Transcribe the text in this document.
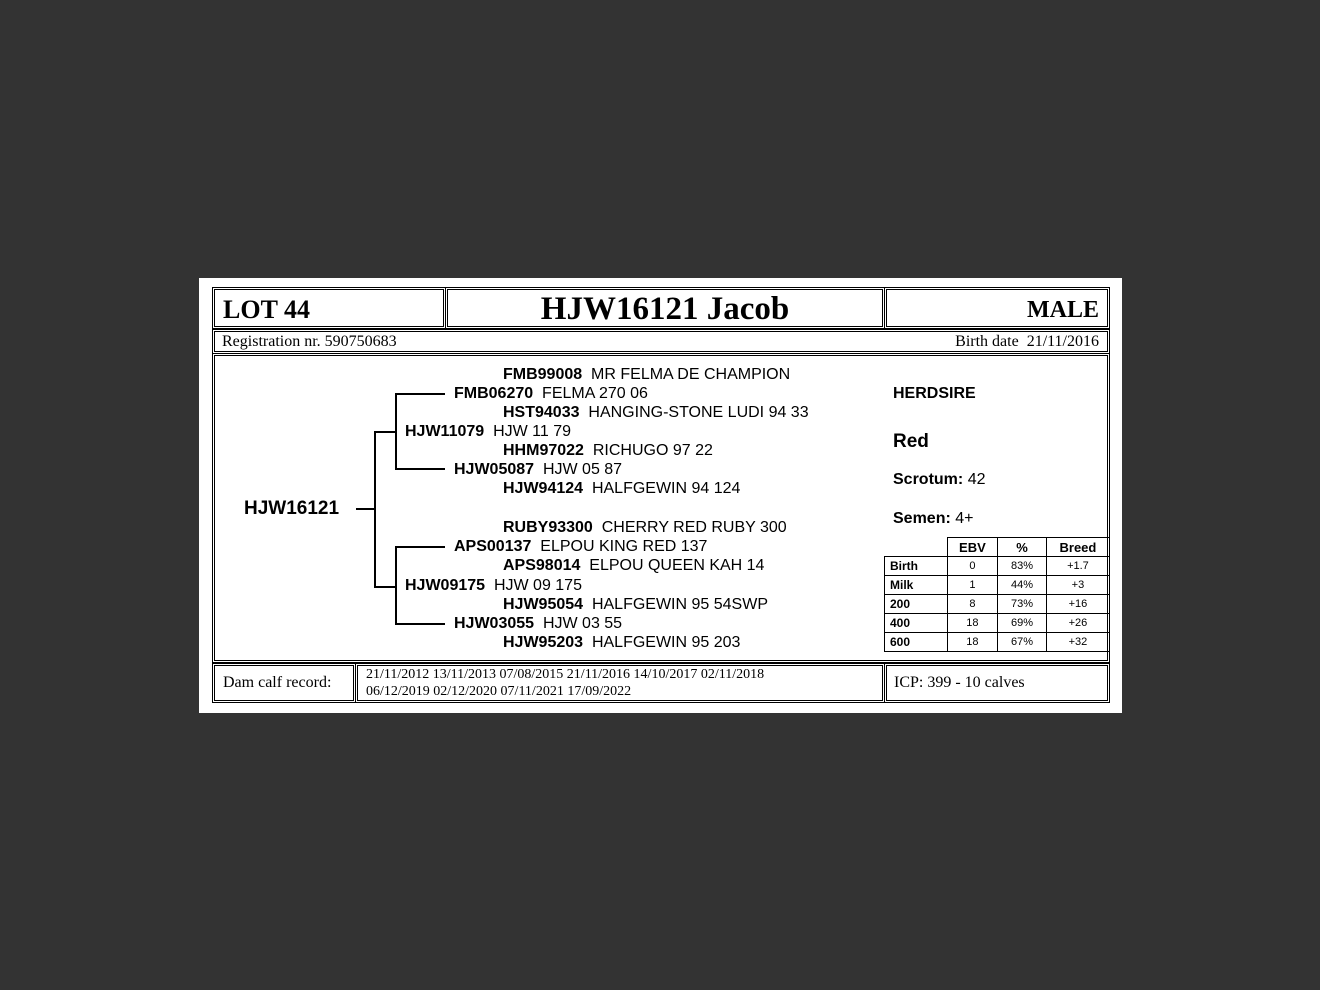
LOT 44	HJW16121 Jacob	MALE
Registration nr. 590750683	Birth date 21/11/2016
HJW16121
FMB99008 MR FELMA DE CHAMPION
FMB06270 FELMA 270 06
HST94033 HANGING-STONE LUDI 94 33
HJW11079 HJW 11 79
HHM97022 RICHUGO 97 22
HJW05087 HJW 05 87
HJW94124 HALFGEWIN 94 124
RUBY93300 CHERRY RED RUBY 300
APS00137 ELPOU KING RED 137
APS98014 ELPOU QUEEN KAH 14
HJW09175 HJW 09 175
HJW95054 HALFGEWIN 95 54SWP
HJW03055 HJW 03 55
HJW95203 HALFGEWIN 95 203
HERDSIRE
Red
Scrotum: 42
Semen: 4+
	EBV	%	Breed
Birth	0	83%	+1.7
Milk	1	44%	+3
200	8	73%	+16
400	18	69%	+26
600	18	67%	+32
Dam calf record: 21/11/2012 13/11/2013 07/08/2015 21/11/2016 14/10/2017 02/11/2018
06/12/2019 02/12/2020 07/11/2021 17/09/2022
ICP: 399 - 10 calves
